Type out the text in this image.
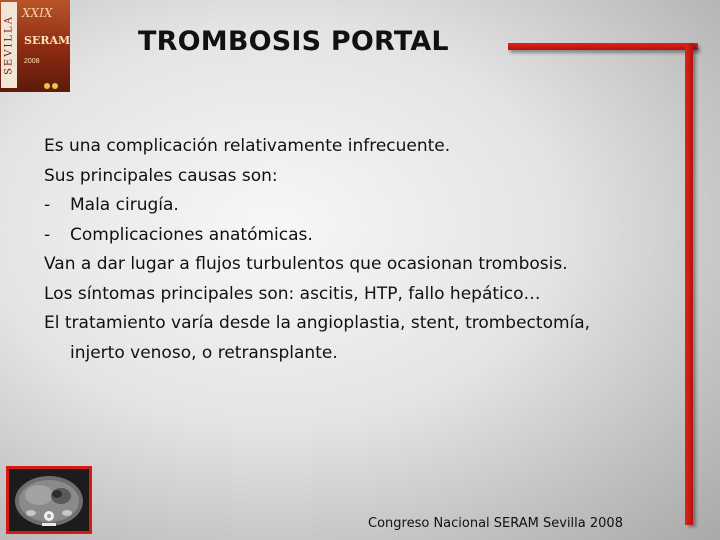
SEVILLA
XXIX
SERAM
2008
TROMBOSIS PORTAL
Es una complicación relativamente infrecuente.
Sus principales causas son:
- Mala cirugía.
- Complicaciones anatómicas.
Van a dar lugar a flujos turbulentos que ocasionan trombosis.
Los síntomas principales son: ascitis, HTP, fallo hepático…
El tratamiento varía desde la angioplastia, stent, trombectomía,
injerto venoso, o retransplante.
Congreso Nacional SERAM Sevilla 2008
